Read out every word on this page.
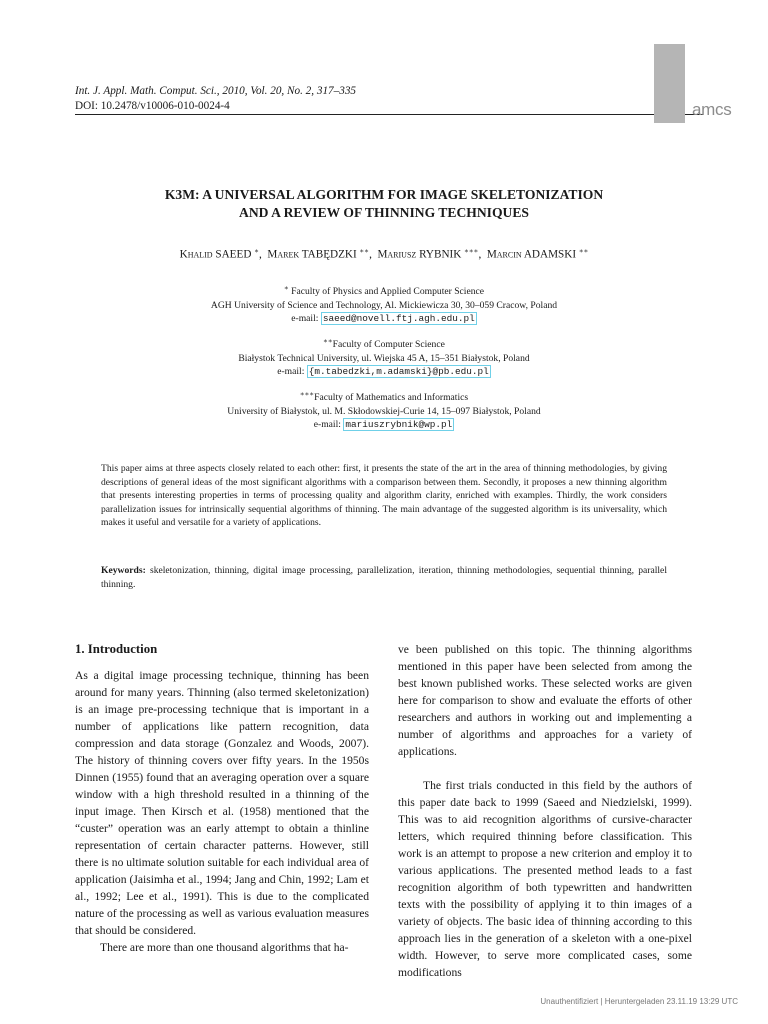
Int. J. Appl. Math. Comput. Sci., 2010, Vol. 20, No. 2, 317–335
DOI: 10.2478/v10006-010-0024-4	amcs
K3M: A UNIVERSAL ALGORITHM FOR IMAGE SKELETONIZATION
AND A REVIEW OF THINNING TECHNIQUES
Khalid SAEED ∗,  Marek TABĘDZKI ∗∗,  Mariusz RYBNIK ∗∗∗,  Marcin ADAMSKI ∗∗
∗ Faculty of Physics and Applied Computer Science
AGH University of Science and Technology, Al. Mickiewicza 30, 30–059 Cracow, Poland
e-mail: saeed@novell.ftj.agh.edu.pl
∗∗Faculty of Computer Science
Białystok Technical University, ul. Wiejska 45 A, 15–351 Białystok, Poland
e-mail: {m.tabedzki,m.adamski}@pb.edu.pl
∗∗∗Faculty of Mathematics and Informatics
University of Białystok, ul. M. Skłodowskiej-Curie 14, 15–097 Białystok, Poland
e-mail: mariuszrybnik@wp.pl

This paper aims at three aspects closely related to each other: first, it presents the state of the art in the area of thinning methodologies, by giving descriptions of general ideas of the most significant algorithms with a comparison between them. Secondly, it proposes a new thinning algorithm that presents interesting properties in terms of processing quality and algorithm clarity, enriched with examples. Thirdly, the work considers parallelization issues for intrinsically sequential algorithms of thinning. The main advantage of the suggested algorithm is its universality, which makes it useful and versatile for a variety of applications.

Keywords: skeletonization, thinning, digital image processing, parallelization, iteration, thinning methodologies, sequential thinning, parallel thinning.
1. Introduction

As a digital image processing technique, thinning has been around for many years. Thinning (also termed skeletonization) is an image pre-processing technique that is important in a number of applications like pattern recognition, data compression and data storage (Gonzalez and Woods, 2007). The history of thinning covers over fifty years. In the 1950s Dinnen (1955) found that an averaging operation over a square window with a high threshold resulted in a thinning of the input image. Then Kirsch et al. (1958) mentioned that the “custer” operation was an early attempt to obtain a thinline representation of certain character patterns. However, still there is no ultimate solution suitable for each individual area of application (Jaisimha et al., 1994; Jang and Chin, 1992; Lam et al., 1992; Lee et al., 1991). This is due to the complicated nature of the processing as well as various evaluation measures that should be considered.

There are more than one thousand algorithms that ha-

ve been published on this topic. The thinning algorithms mentioned in this paper have been selected from among the best known published works. These selected works are given here for comparison to show and evaluate the efforts of other researchers and authors in working out and implementing a number of algorithms and approaches for a variety of applications.

The first trials conducted in this field by the authors of this paper date back to 1999 (Saeed and Niedzielski, 1999). This was to aid recognition algorithms of cursive-character letters, which required thinning before classification. This work is an attempt to propose a new criterion and employ it to various applications. The presented method leads to a fast recognition algorithm of both typewritten and handwritten texts with the possibility of applying it to thin images of a variety of objects. The basic idea of thinning according to this approach lies in the generation of a skeleton with a one-pixel width. However, to serve more complicated cases, some modifications

Unauthentifiziert | Heruntergeladen 23.11.19 13:29 UTC
